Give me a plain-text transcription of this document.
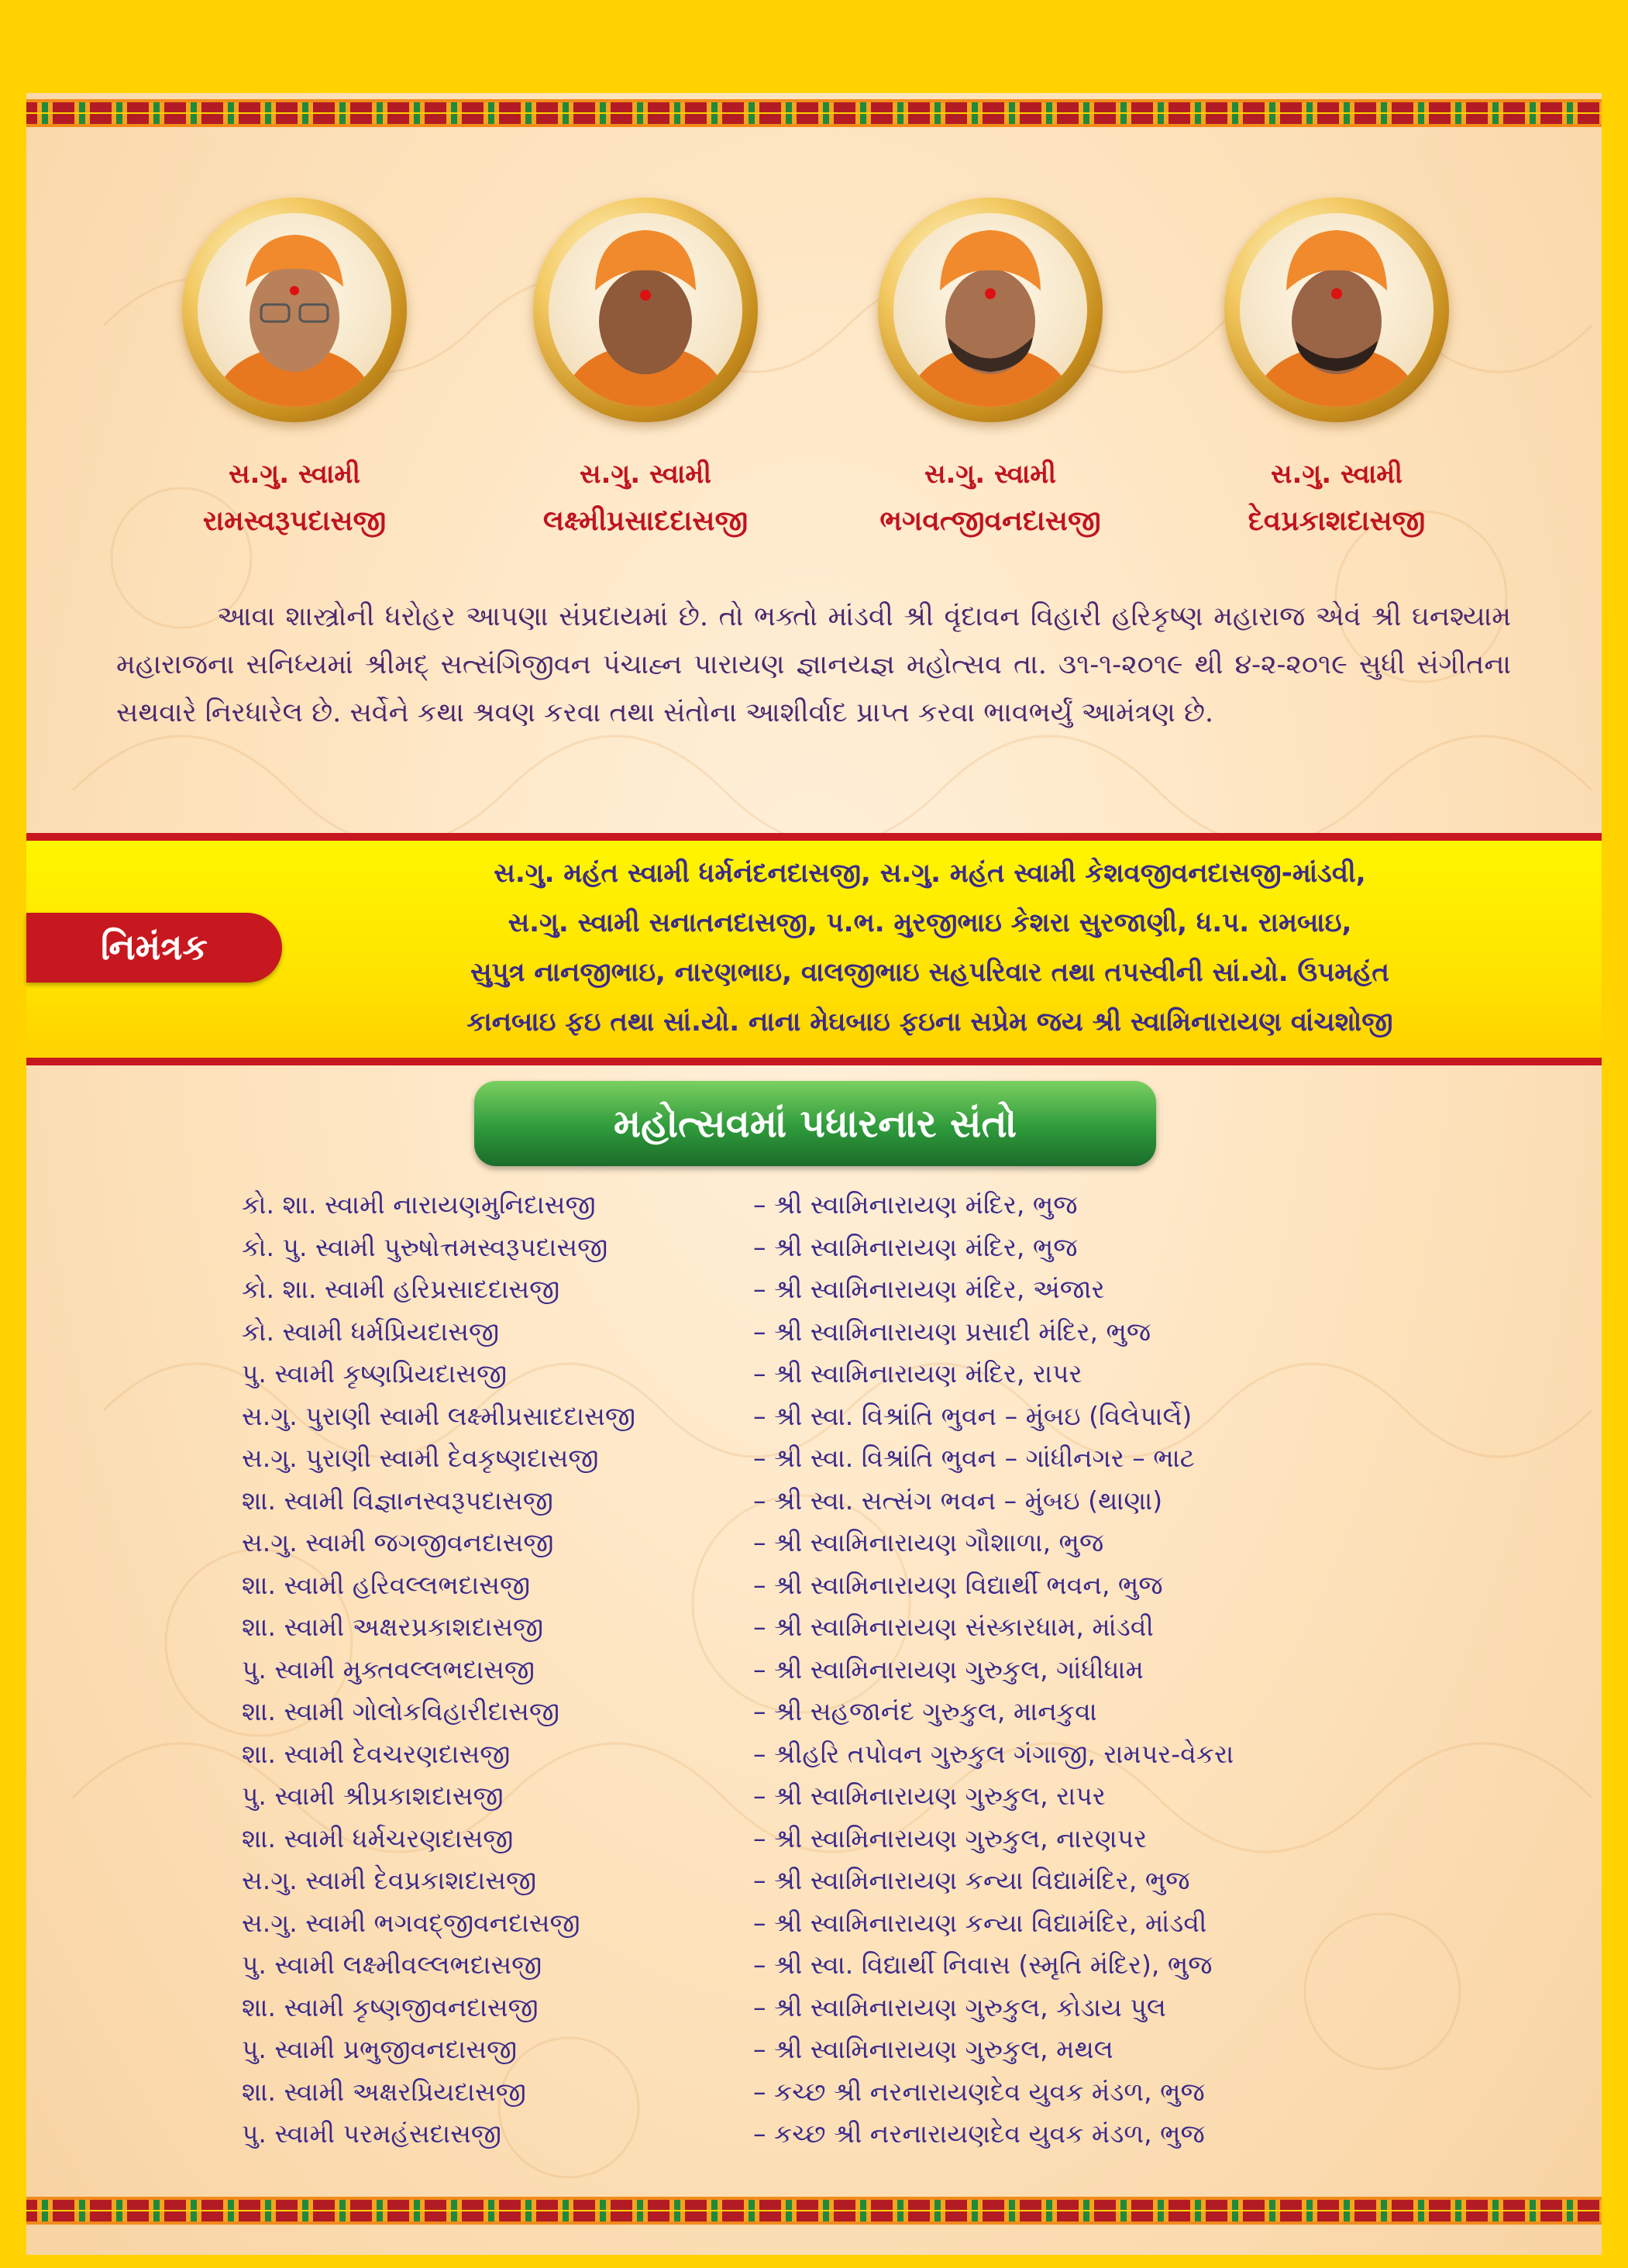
સ.ગુ. સ્વામી
રામસ્વરૂપદાસજી
સ.ગુ. સ્વામી
લક્ષ્મીપ્રસાદદાસજી
સ.ગુ. સ્વામી
ભગવત્જીવનદાસજી
સ.ગુ. સ્વામી
દેવપ્રકાશદાસજી
આવા શાસ્ત્રોની ધરોહર આપણા સંપ્રદાયમાં છે. તો ભક્તો માંડવી શ્રી વૃંદાવન વિહારી હરિકૃષ્ણ મહારાજ એવં શ્રી ઘનશ્યામ મહારાજના સનિધ્યમાં શ્રીમદ્ સત્સંગિજીવન પંચાહ્ન પારાયણ જ્ઞાનયજ્ઞ મહોત્સવ તા. ૩૧-૧-૨૦૧૯ થી ૪-૨-૨૦૧૯ સુધી સંગીતના સથવારે નિરધારેલ છે. સર્વેને કથા શ્રવણ કરવા તથા સંતોના આશીર્વાદ પ્રાપ્ત કરવા ભાવભર્યું આમંત્રણ છે.
નિમંત્રક
સ.ગુ. મહંત સ્વામી ધર્મનંદનદાસજી, સ.ગુ. મહંત સ્વામી કેશવજીવનદાસજી-માંડવી,
સ.ગુ. સ્વામી સનાતનદાસજી, પ.ભ. મુરજીભાઇ કેશરા સુરજાણી, ધ.પ. રામબાઇ,
સુપુત્ર નાનજીભાઇ, નારણભાઇ, વાલજીભાઇ સહપરિવાર તથા તપસ્વીની સાં.યો. ઉપમહંત
કાનબાઇ ફઇ તથા સાં.યો. નાના મેઘબાઇ ફઇના સપ્રેમ જય શ્રી સ્વામિનારાયણ વાંચશોજી
મહોત્સવમાં પધારનાર સંતો
કો. શા. સ્વામી નારાયણમુનિદાસજી	– શ્રી સ્વામિનારાયણ મંદિર, ભુજ
કો. પુ. સ્વામી પુરુષોત્તમસ્વરૂપદાસજી	– શ્રી સ્વામિનારાયણ મંદિર, ભુજ
કો. શા. સ્વામી હરિપ્રસાદદાસજી	– શ્રી સ્વામિનારાયણ મંદિર, અંજાર
કો. સ્વામી ધર્મપ્રિયદાસજી	– શ્રી સ્વામિનારાયણ પ્રસાદી મંદિર, ભુજ
પુ. સ્વામી કૃષ્ણપ્રિયદાસજી	– શ્રી સ્વામિનારાયણ મંદિર, રાપર
સ.ગુ. પુરાણી સ્વામી લક્ષ્મીપ્રસાદદાસજી	– શ્રી સ્વા. વિશ્રાંતિ ભુવન – મુંબઇ (વિલેપાર્લે)
સ.ગુ. પુરાણી સ્વામી દેવકૃષ્ણદાસજી	– શ્રી સ્વા. વિશ્રાંતિ ભુવન – ગાંધીનગર – ભાટ
શા. સ્વામી વિજ્ઞાનસ્વરૂપદાસજી	– શ્રી સ્વા. સત્સંગ ભવન – મુંબઇ (થાણા)
સ.ગુ. સ્વામી જગજીવનદાસજી	– શ્રી સ્વામિનારાયણ ગૌશાળા, ભુજ
શા. સ્વામી હરિવલ્લભદાસજી	– શ્રી સ્વામિનારાયણ વિદ્યાર્થી ભવન, ભુજ
શા. સ્વામી અક્ષરપ્રકાશદાસજી	– શ્રી સ્વામિનારાયણ સંસ્કારધામ, માંડવી
પુ. સ્વામી મુક્તવલ્લભદાસજી	– શ્રી સ્વામિનારાયણ ગુરુકુલ, ગાંધીધામ
શા. સ્વામી ગોલોકવિહારીદાસજી	– શ્રી સહજાનંદ ગુરુકુલ, માનકુવા
શા. સ્વામી દેવચરણદાસજી	– શ્રીહરિ તપોવન ગુરુકુલ ગંગાજી, રામપર-વેકરા
પુ. સ્વામી શ્રીપ્રકાશદાસજી	– શ્રી સ્વામિનારાયણ ગુરુકુલ, રાપર
શા. સ્વામી ધર્મચરણદાસજી	– શ્રી સ્વામિનારાયણ ગુરુકુલ, નારણપર
સ.ગુ. સ્વામી દેવપ્રકાશદાસજી	– શ્રી સ્વામિનારાયણ કન્યા વિદ્યામંદિર, ભુજ
સ.ગુ. સ્વામી ભગવદ્જીવનદાસજી	– શ્રી સ્વામિનારાયણ કન્યા વિદ્યામંદિર, માંડવી
પુ. સ્વામી લક્ષ્મીવલ્લભદાસજી	– શ્રી સ્વા. વિદ્યાર્થી નિવાસ (સ્મૃતિ મંદિર), ભુજ
શા. સ્વામી કૃષ્ણજીવનદાસજી	– શ્રી સ્વામિનારાયણ ગુરુકુલ, કોડાય પુલ
પુ. સ્વામી પ્રભુજીવનદાસજી	– શ્રી સ્વામિનારાયણ ગુરુકુલ, મથલ
શા. સ્વામી અક્ષરપ્રિયદાસજી	– કચ્છ શ્રી નરનારાયણદેવ યુવક મંડળ, ભુજ
પુ. સ્વામી પરમહંસદાસજી	– કચ્છ શ્રી નરનારાયણદેવ યુવક મંડળ, ભુજ
